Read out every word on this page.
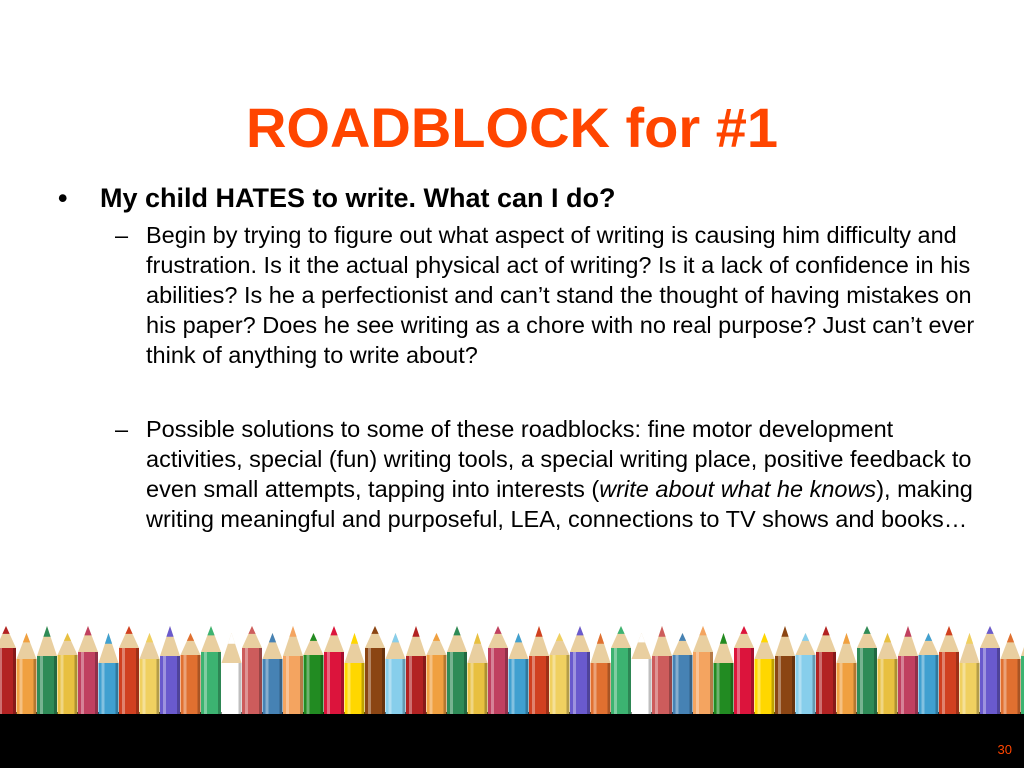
ROADBLOCK for #1
•	My child HATES to write. What can I do?
– Begin by trying to figure out what aspect of writing is causing him difficulty and frustration. Is it the actual physical act of writing? Is it a lack of confidence in his abilities? Is he a perfectionist and can’t stand the thought of having mistakes on his paper? Does he see writing as a chore with no real purpose? Just can’t ever think of anything to write about?
– Possible solutions to some of these roadblocks: fine motor development activities, special (fun) writing tools, a special writing place, positive feedback to even small attempts, tapping into interests (write about what he knows), making writing meaningful and purposeful, LEA, connections to TV shows and books…
30
